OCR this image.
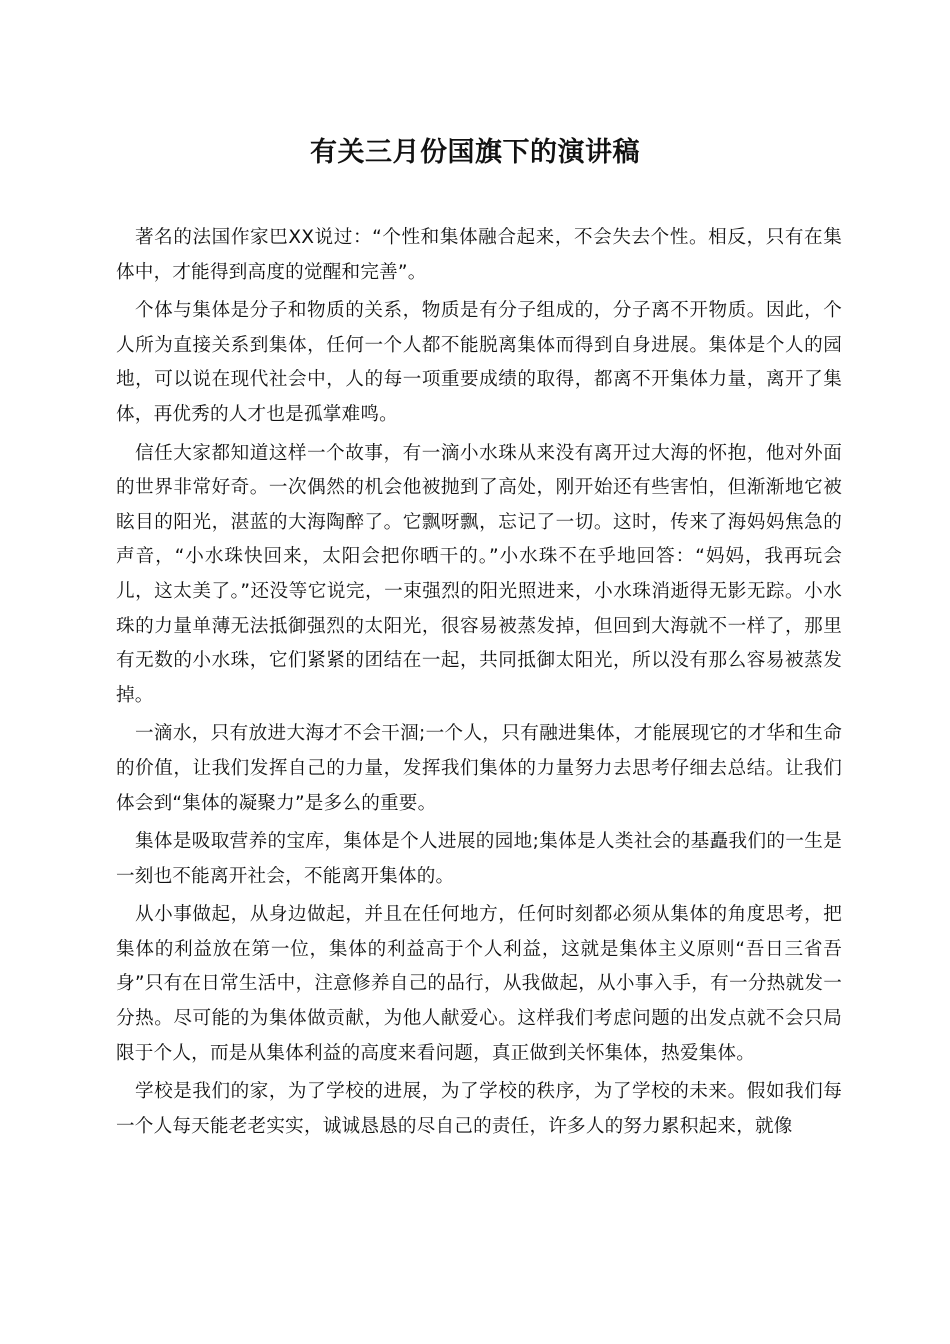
有关三月份国旗下的演讲稿

著名的法国作家巴XX说过：“个性和集体融合起来，不会失去个性。相反，只有在集体中，才能得到高度的觉醒和完善”。

个体与集体是分子和物质的关系，物质是有分子组成的，分子离不开物质。因此，个人所为直接关系到集体，任何一个人都不能脱离集体而得到自身进展。集体是个人的园地，可以说在现代社会中，人的每一项重要成绩的取得，都离不开集体力量，离开了集体，再优秀的人才也是孤掌难鸣。

信任大家都知道这样一个故事，有一滴小水珠从来没有离开过大海的怀抱，他对外面的世界非常好奇。一次偶然的机会他被抛到了高处，刚开始还有些害怕，但渐渐地它被眩目的阳光，湛蓝的大海陶醉了。它飘呀飘，忘记了一切。这时，传来了海妈妈焦急的声音，“小水珠快回来，太阳会把你晒干的。”小水珠不在乎地回答：“妈妈，我再玩会儿，这太美了。”还没等它说完，一束强烈的阳光照进来，小水珠消逝得无影无踪。小水珠的力量单薄无法抵御强烈的太阳光，很容易被蒸发掉，但回到大海就不一样了，那里有无数的小水珠，它们紧紧的团结在一起，共同抵御太阳光，所以没有那么容易被蒸发掉。

一滴水，只有放进大海才不会干涸;一个人，只有融进集体，才能展现它的才华和生命的价值，让我们发挥自己的力量，发挥我们集体的力量努力去思考仔细去总结。让我们体会到“集体的凝聚力”是多么的重要。

集体是吸取营养的宝库，集体是个人进展的园地;集体是人类社会的基矗我们的一生是一刻也不能离开社会，不能离开集体的。

从小事做起，从身边做起，并且在任何地方，任何时刻都必须从集体的角度思考，把集体的利益放在第一位，集体的利益高于个人利益，这就是集体主义原则“吾日三省吾身”只有在日常生活中，注意修养自己的品行，从我做起，从小事入手，有一分热就发一分热。尽可能的为集体做贡献，为他人献爱心。这样我们考虑问题的出发点就不会只局限于个人，而是从集体利益的高度来看问题，真正做到关怀集体，热爱集体。

学校是我们的家，为了学校的进展，为了学校的秩序，为了学校的未来。假如我们每一个人每天能老老实实，诚诚恳恳的尽自己的责任，许多人的努力累积起来，就像
